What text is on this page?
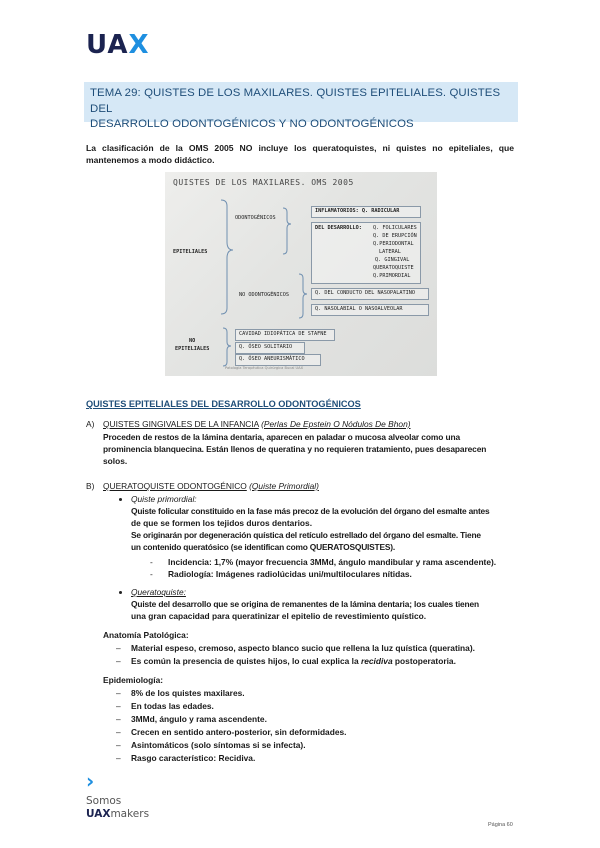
UAX
TEMA 29: QUISTES DE LOS MAXILARES. QUISTES EPITELIALES. QUISTES DEL
DESARROLLO ODONTOGÉNICOS Y NO ODONTOGÉNICOS
La clasificación de la OMS 2005 NO incluye los queratoquistes, ni quistes no epiteliales, que mantenemos a modo didáctico.
QUISTES DE LOS MAXILARES. OMS 2005
EPITELIALES
ODONTOGÉNICOS
INFLAMATORIOS: Q. RADICULAR
DEL DESARROLLO: Q. FOLICULARES
Q. DE ERUPCIÓN
Q.PERIODONTAL
LATERAL
Q. GINGIVAL
QUERATOQUISTE
Q.PRIMORDIAL
NO ODONTOGÉNICOS	Q. DEL CONDUCTO DEL NASOPALATINO
Q. NASOLABIAL O NASOALVEOLAR
NO
EPITELIALES
CAVIDAD IDIOPÁTICA DE STAFNE
Q. ÓSEO SOLITARIO
Q. ÓSEO ANEURISMÁTICO
Patología Terapéutica Quirúrgica Bucal UAX
QUISTES EPITELIALES DEL DESARROLLO ODONTOGÉNICOS
A) QUISTES GINGIVALES DE LA INFANCIA (Perlas De Epstein O Nódulos De Bhon)
Proceden de restos de la lámina dentaria, aparecen en paladar o mucosa alveolar como una
prominencia blanquecina. Están llenos de queratina y no requieren tratamiento, pues desaparecen
solos.
B) QUERATOQUISTE ODONTOGÉNICO (Quiste Primordial)
Quiste primordial:
Quiste folicular constituido en la fase más precoz de la evolución del órgano del esmalte antes
de que se formen los tejidos duros dentarios.
Se originarán por degeneración quística del retículo estrellado del órgano del esmalte. Tiene
un contenido queratósico (se identifican como QUERATOSQUISTES).
- Incidencia: 1,7% (mayor frecuencia 3MMd, ángulo mandibular y rama ascendente).
- Radiología: Imágenes radiolúcidas uni/multiloculares nítidas.
Queratoquiste:
Quiste del desarrollo que se origina de remanentes de la lámina dentaria; los cuales tienen
una gran capacidad para queratinizar el epitelio de revestimiento quístico.
Anatomía Patológica:
– Material espeso, cremoso, aspecto blanco sucio que rellena la luz quística (queratina).
– Es común la presencia de quistes hijos, lo cual explica la recidiva postoperatoria.
Epidemiología:
– 8% de los quistes maxilares.
– En todas las edades.
– 3MMd, ángulo y rama ascendente.
– Crecen en sentido antero-posterior, sin deformidades.
– Asintomáticos (solo síntomas si se infecta).
– Rasgo característico: Recidiva.
›
Somos
UAXmakers
Página 60
